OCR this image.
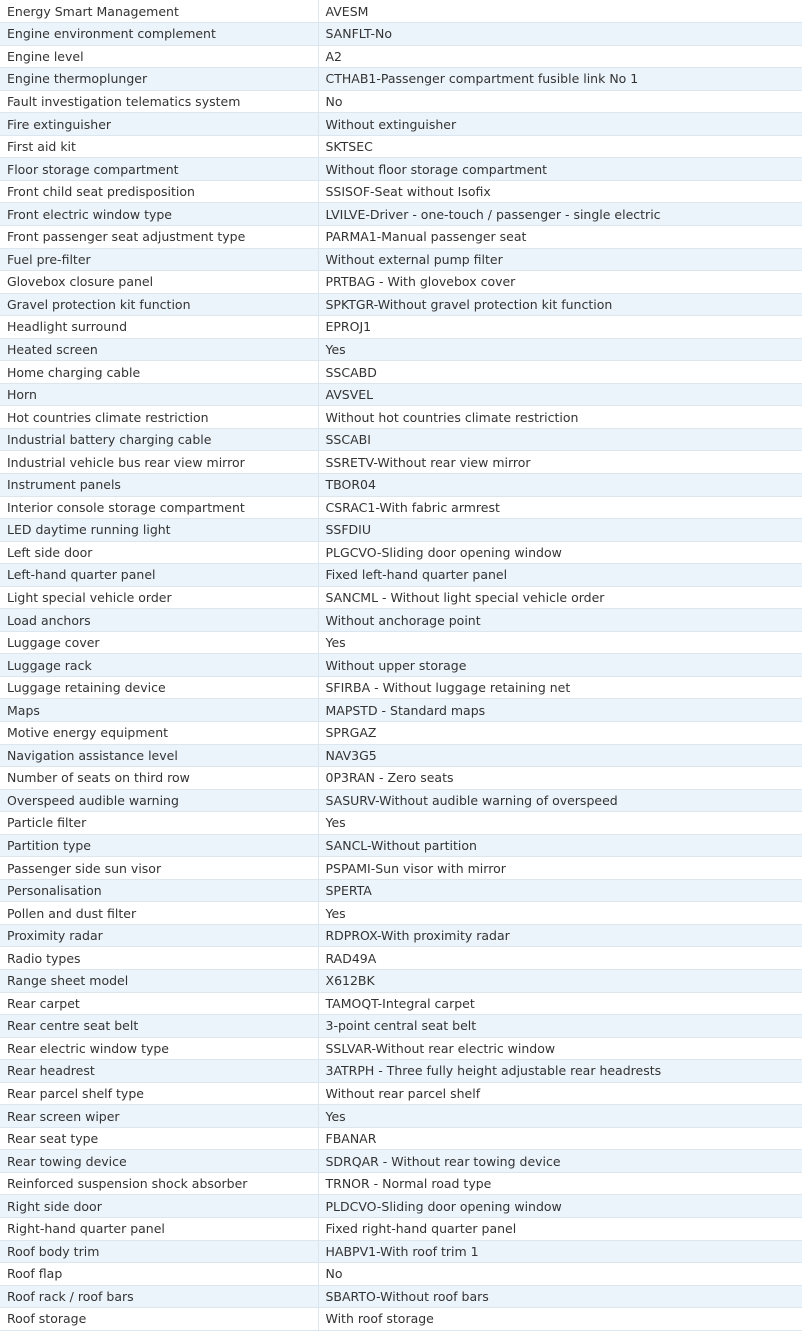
Energy Smart Management	AVESM
Engine environment complement	SANFLT-No
Engine level	A2
Engine thermoplunger	CTHAB1-Passenger compartment fusible link No 1
Fault investigation telematics system	No
Fire extinguisher	Without extinguisher
First aid kit	SKTSEC
Floor storage compartment	Without floor storage compartment
Front child seat predisposition	SSISOF-Seat without Isofix
Front electric window type	LVILVE-Driver - one-touch / passenger - single electric
Front passenger seat adjustment type	PARMA1-Manual passenger seat
Fuel pre-filter	Without external pump filter
Glovebox closure panel	PRTBAG - With glovebox cover
Gravel protection kit function	SPKTGR-Without gravel protection kit function
Headlight surround	EPROJ1
Heated screen	Yes
Home charging cable	SSCABD
Horn	AVSVEL
Hot countries climate restriction	Without hot countries climate restriction
Industrial battery charging cable	SSCABI
Industrial vehicle bus rear view mirror	SSRETV-Without rear view mirror
Instrument panels	TBOR04
Interior console storage compartment	CSRAC1-With fabric armrest
LED daytime running light	SSFDIU
Left side door	PLGCVO-Sliding door opening window
Left-hand quarter panel	Fixed left-hand quarter panel
Light special vehicle order	SANCML - Without light special vehicle order
Load anchors	Without anchorage point
Luggage cover	Yes
Luggage rack	Without upper storage
Luggage retaining device	SFIRBA - Without luggage retaining net
Maps	MAPSTD - Standard maps
Motive energy equipment	SPRGAZ
Navigation assistance level	NAV3G5
Number of seats on third row	0P3RAN - Zero seats
Overspeed audible warning	SASURV-Without audible warning of overspeed
Particle filter	Yes
Partition type	SANCL-Without partition
Passenger side sun visor	PSPAMI-Sun visor with mirror
Personalisation	SPERTA
Pollen and dust filter	Yes
Proximity radar	RDPROX-With proximity radar
Radio types	RAD49A
Range sheet model	X612BK
Rear carpet	TAMOQT-Integral carpet
Rear centre seat belt	3-point central seat belt
Rear electric window type	SSLVAR-Without rear electric window
Rear headrest	3ATRPH - Three fully height adjustable rear headrests
Rear parcel shelf type	Without rear parcel shelf
Rear screen wiper	Yes
Rear seat type	FBANAR
Rear towing device	SDRQAR - Without rear towing device
Reinforced suspension shock absorber	TRNOR - Normal road type
Right side door	PLDCVO-Sliding door opening window
Right-hand quarter panel	Fixed right-hand quarter panel
Roof body trim	HABPV1-With roof trim 1
Roof flap	No
Roof rack / roof bars	SBARTO-Without roof bars
Roof storage	With roof storage
